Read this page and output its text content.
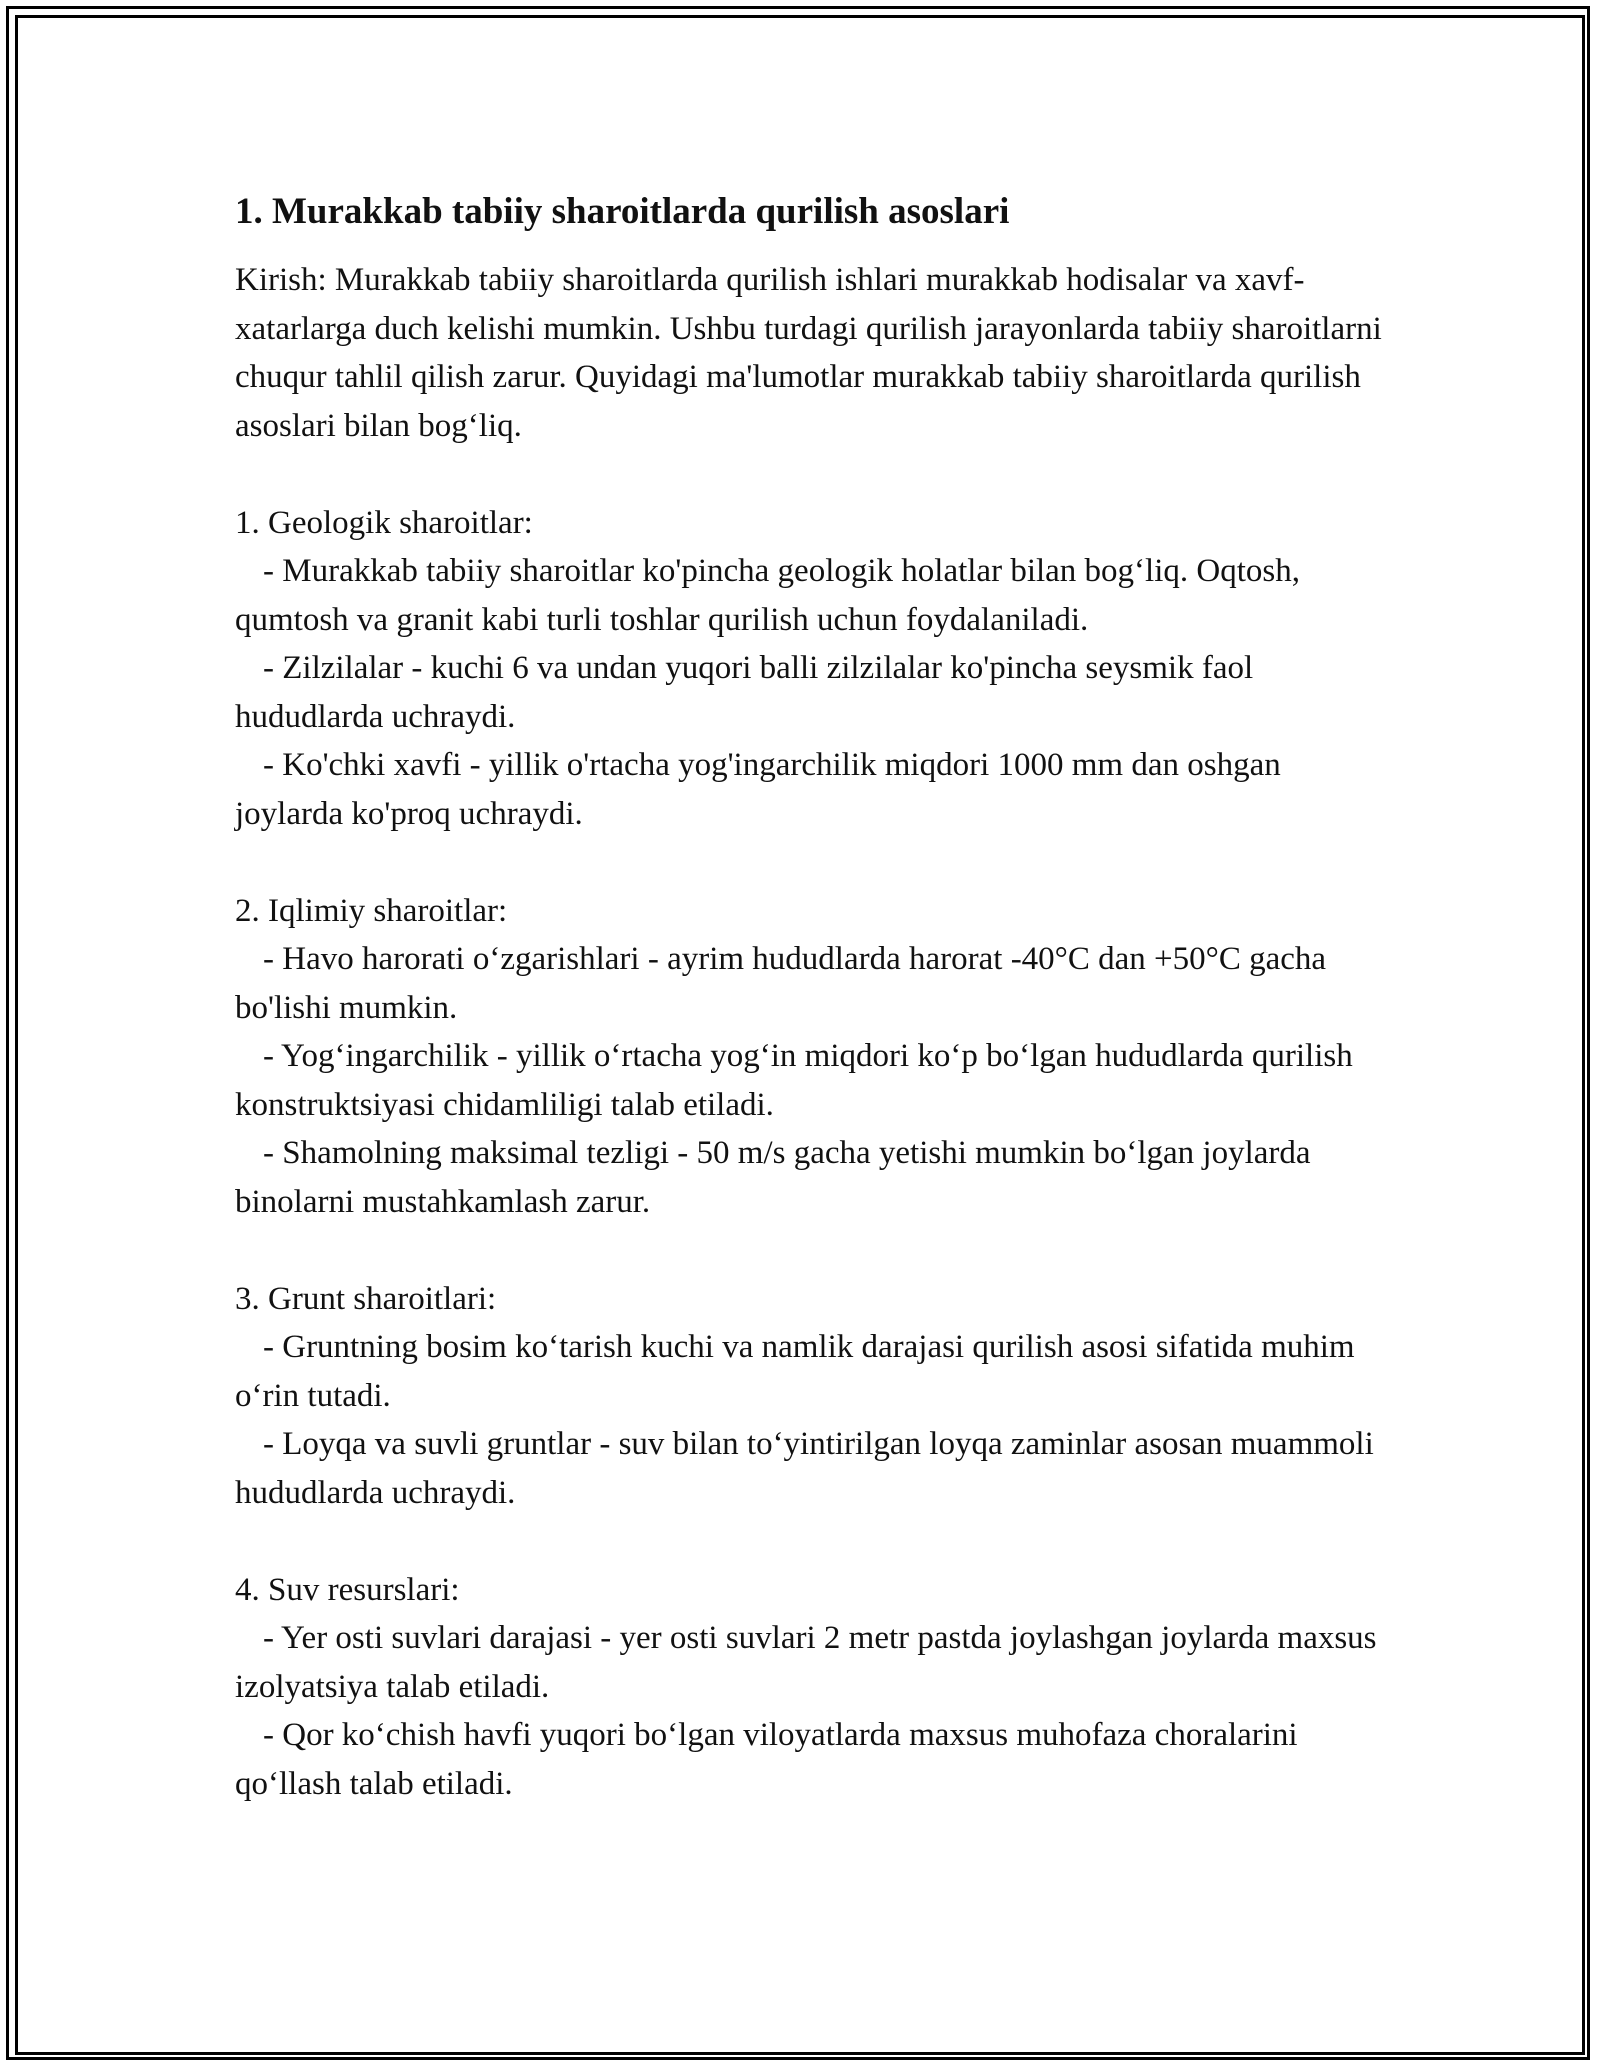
1. Murakkab tabiiy sharoitlarda qurilish asoslari

Kirish: Murakkab tabiiy sharoitlarda qurilish ishlari murakkab hodisalar va xavf-xatarlarga duch kelishi mumkin. Ushbu turdagi qurilish jarayonlarda tabiiy sharoitlarni chuqur tahlil qilish zarur. Quyidagi ma'lumotlar murakkab tabiiy sharoitlarda qurilish asoslari bilan bog‘liq.

1. Geologik sharoitlar:

- Murakkab tabiiy sharoitlar ko'pincha geologik holatlar bilan bog‘liq. Oqtosh, qumtosh va granit kabi turli toshlar qurilish uchun foydalaniladi.

- Zilzilalar - kuchi 6 va undan yuqori balli zilzilalar ko'pincha seysmik faol hududlarda uchraydi.

- Ko'chki xavfi - yillik o'rtacha yog'ingarchilik miqdori 1000 mm dan oshgan joylarda ko'proq uchraydi.

2. Iqlimiy sharoitlar:

- Havo harorati o‘zgarishlari - ayrim hududlarda harorat -40°C dan +50°C gacha bo'lishi mumkin.

- Yog‘ingarchilik - yillik o‘rtacha yog‘in miqdori ko‘p bo‘lgan hududlarda qurilish konstruktsiyasi chidamliligi talab etiladi.

- Shamolning maksimal tezligi - 50 m/s gacha yetishi mumkin bo‘lgan joylarda binolarni mustahkamlash zarur.

3. Grunt sharoitlari:

- Gruntning bosim ko‘tarish kuchi va namlik darajasi qurilish asosi sifatida muhim o‘rin tutadi.

- Loyqa va suvli gruntlar - suv bilan to‘yintirilgan loyqa zaminlar asosan muammoli hududlarda uchraydi.

4. Suv resurslari:

- Yer osti suvlari darajasi - yer osti suvlari 2 metr pastda joylashgan joylarda maxsus izolyatsiya talab etiladi.

- Qor ko‘chish havfi yuqori bo‘lgan viloyatlarda maxsus muhofaza choralarini qo‘llash talab etiladi.
